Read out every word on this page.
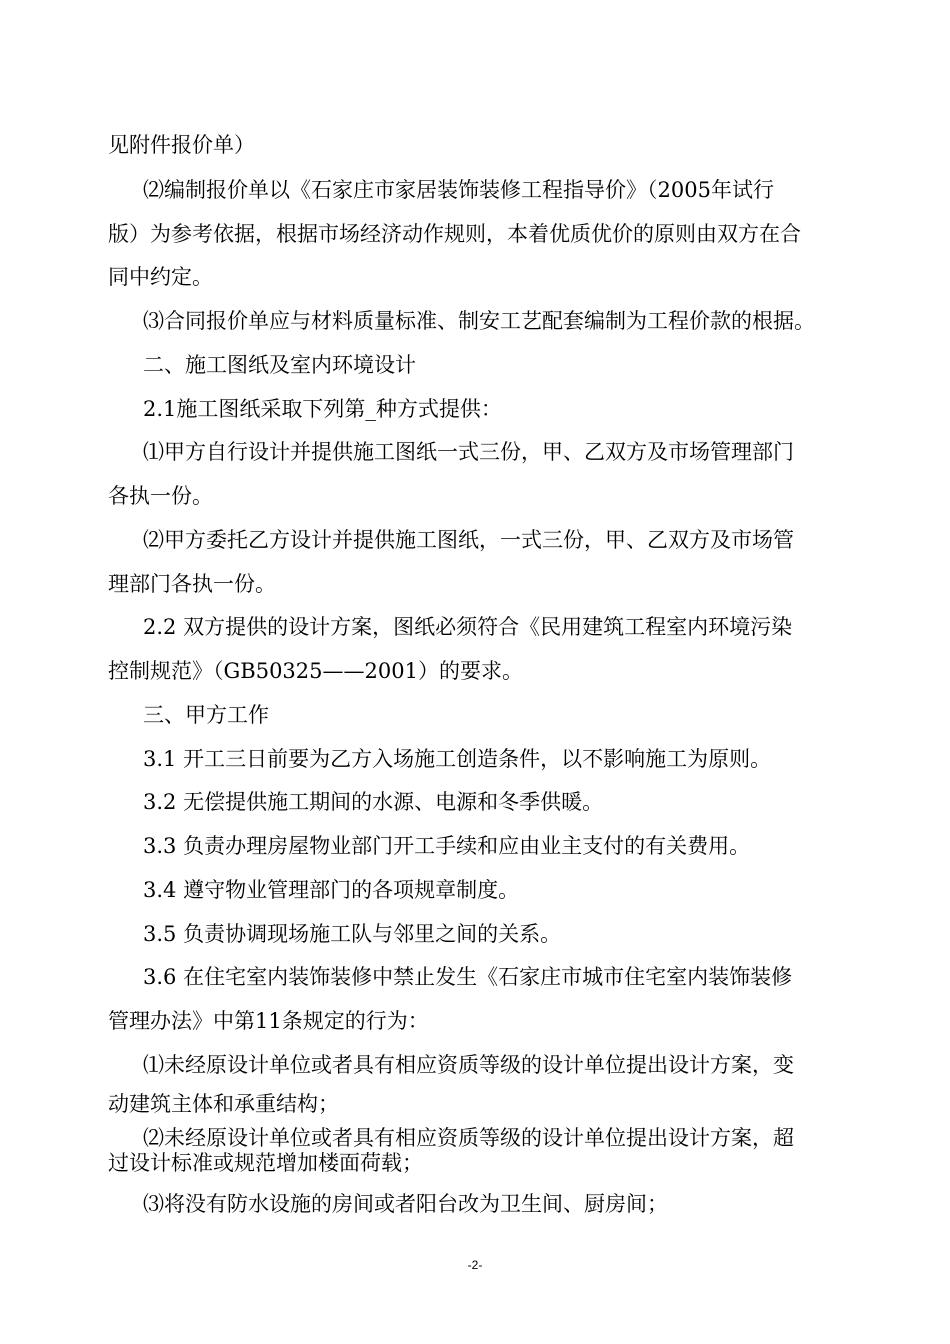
见附件报价单）
⑵编制报价单以《石家庄市家居装饰装修工程指导价》（2005年试行
版）为参考依据，根据市场经济动作规则，本着优质优价的原则由双方在合
同中约定。
⑶合同报价单应与材料质量标准、制安工艺配套编制为工程价款的根据。
二、施工图纸及室内环境设计
2.1施工图纸采取下列第_种方式提供：
⑴甲方自行设计并提供施工图纸一式三份，甲、乙双方及市场管理部门
各执一份。
⑵甲方委托乙方设计并提供施工图纸，一式三份，甲、乙双方及市场管
理部门各执一份。
2.2 双方提供的设计方案，图纸必须符合《民用建筑工程室内环境污染
控制规范》（GB50325——2001）的要求。
三、甲方工作
3.1 开工三日前要为乙方入场施工创造条件，以不影响施工为原则。
3.2 无偿提供施工期间的水源、电源和冬季供暖。
3.3 负责办理房屋物业部门开工手续和应由业主支付的有关费用。
3.4 遵守物业管理部门的各项规章制度。
3.5 负责协调现场施工队与邻里之间的关系。
3.6 在住宅室内装饰装修中禁止发生《石家庄市城市住宅室内装饰装修
管理办法》中第11条规定的行为：
⑴未经原设计单位或者具有相应资质等级的设计单位提出设计方案，变
动建筑主体和承重结构；
⑵未经原设计单位或者具有相应资质等级的设计单位提出设计方案，超
过设计标准或规范增加楼面荷载；
⑶将没有防水设施的房间或者阳台改为卫生间、厨房间；
-2-
